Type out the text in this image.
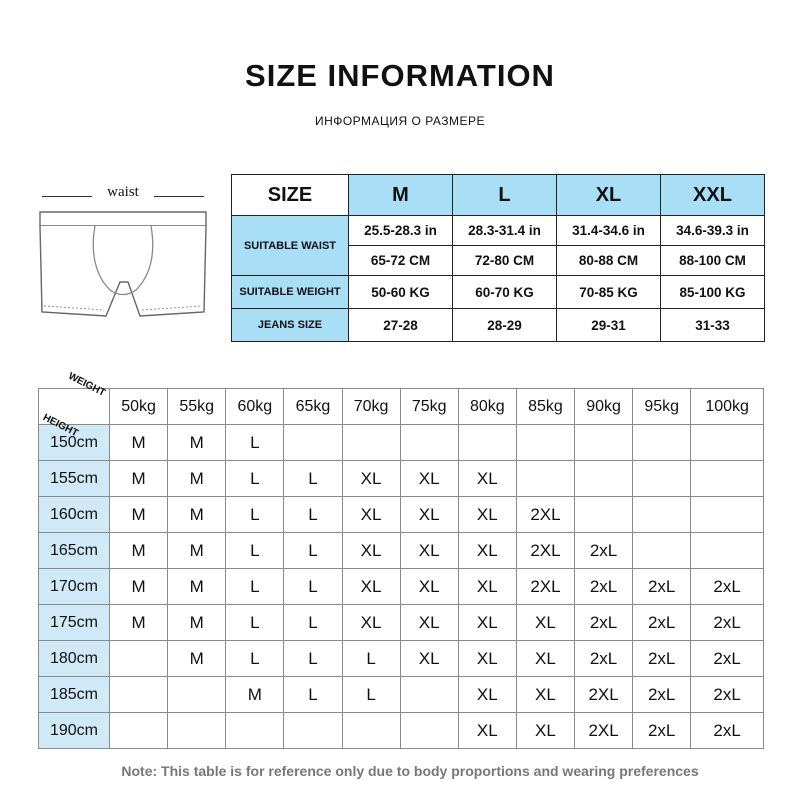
SIZE INFORMATION
ИНФОРМАЦИЯ О РАЗМЕРЕ
waist	SIZE	M	L	XL	XXL
SUITABLE WAIST	25.5-28.3 in	28.3-31.4 in	31.4-34.6 in	34.6-39.3 in
	65-72 CM	72-80 CM	80-88 CM	88-100 CM
SUITABLE WEIGHT	50-60 KG	60-70 KG	70-85 KG	85-100 KG
JEANS SIZE	27-28	28-29	29-31	31-33
WEIGHT
HEIGHT	50kg	55kg	60kg	65kg	70kg	75kg	80kg	85kg	90kg	95kg	100kg
150cm	M	M	L								
155cm	M	M	L	L	XL	XL	XL				
160cm	M	M	L	L	XL	XL	XL	2XL			
165cm	M	M	L	L	XL	XL	XL	2XL	2xL		
170cm	M	M	L	L	XL	XL	XL	2XL	2xL	2xL	2xL
175cm	M	M	L	L	XL	XL	XL	XL	2xL	2xL	2xL
180cm		M	L	L	L	XL	XL	XL	2xL	2xL	2xL
185cm			M	L	L		XL	XL	2XL	2xL	2xL
190cm							XL	XL	2XL	2xL	2xL
Note: This table is for reference only due to body proportions and wearing preferences
